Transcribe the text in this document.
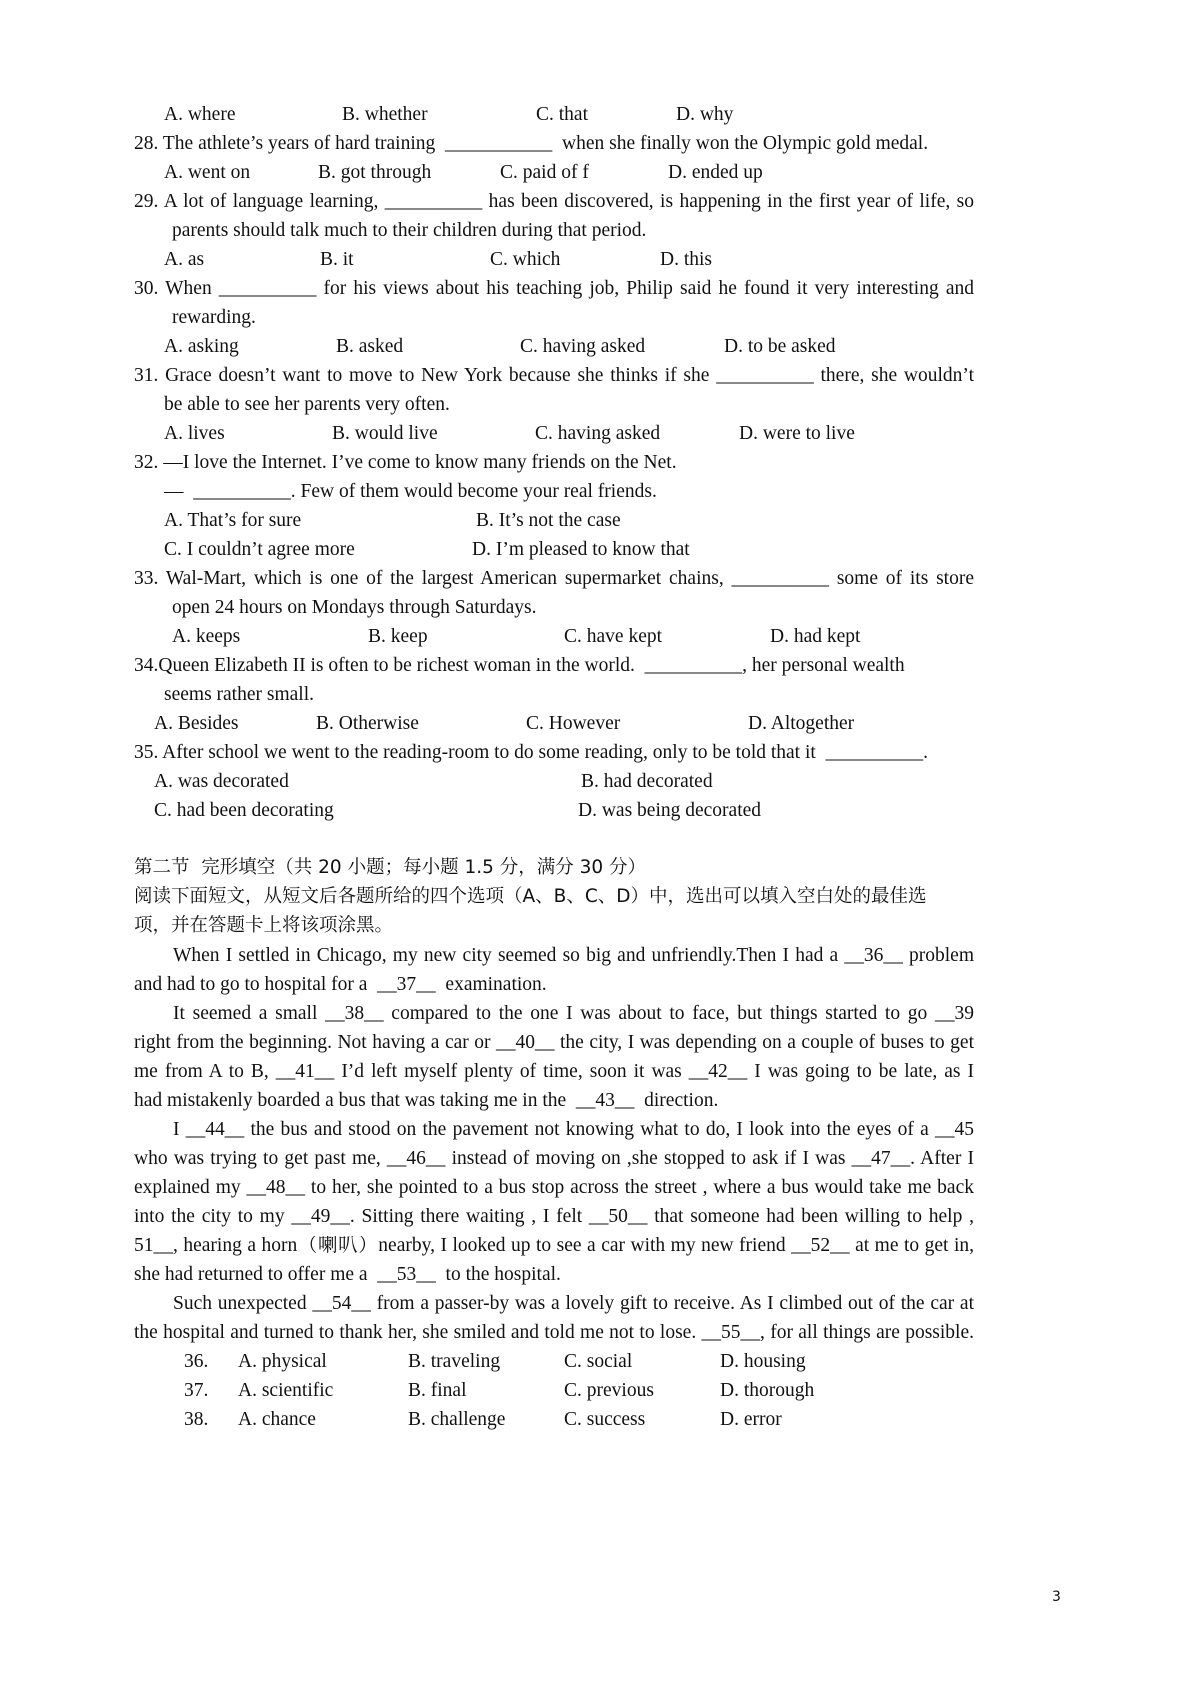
A. where	B. whether	C. that	D. why
28. The athlete’s years of hard training  ___________  when she finally won the Olympic gold medal.
A. went on	B. got through	C. paid of f	D. ended up
29. A lot of language learning, __________ has been discovered, is happening in the first year of life, so
parents should talk much to their children during that period.
A. as	B. it	C. which	D. this
30. When __________ for his views about his teaching job, Philip said he found it very interesting and
rewarding.
A. asking	B. asked	C. having asked	D. to be asked
31. Grace doesn’t want to move to New York because she thinks if she __________ there, she wouldn’t
be able to see her parents very often.
A. lives	B. would live	C. having asked	D. were to live
32. —I love the Internet. I’ve come to know many friends on the Net.
—  __________. Few of them would become your real friends.
A. That’s for sure	B. It’s not the case
C. I couldn’t agree more	D. I’m pleased to know that
33. Wal-Mart, which is one of the largest American supermarket chains, __________ some of its store
open 24 hours on Mondays through Saturdays.
A. keeps	B. keep	C. have kept	D. had kept
34.Queen Elizabeth II is often to be richest woman in the world.  __________, her personal wealth
seems rather small.
A. Besides	B. Otherwise	C. However	D. Altogether
35. After school we went to the reading-room to do some reading, only to be told that it  __________.
A. was decorated	B. had decorated
C. had been decorating	D. was being decorated
第二节  完形填空（共 20 小题；每小题 1.5 分，满分 30 分）
阅读下面短文，从短文后各题所给的四个选项（A、B、C、D）中，选出可以填入空白处的最佳选
项，并在答题卡上将该项涂黑。
When I settled in Chicago, my new city seemed so big and unfriendly.Then I had a __36__ problem
and had to go to hospital for a  __37__  examination.
It seemed a small __38__ compared to the one I was about to face, but things started to go __39
right from the beginning. Not having a car or __40__ the city, I was depending on a couple of buses to get
me from A to B, __41__ I’d left myself plenty of time, soon it was __42__ I was going to be late, as I
had mistakenly boarded a bus that was taking me in the  __43__  direction.
I __44__ the bus and stood on the pavement not knowing what to do, I look into the eyes of a __45
who was trying to get past me, __46__ instead of moving on ,she stopped to ask if I was __47__. After I
explained my __48__ to her, she pointed to a bus stop across the street , where a bus would take me back
into the city to my __49__. Sitting there waiting , I felt __50__ that someone had been willing to help ,
51__, hearing a horn（喇叭）nearby, I looked up to see a car with my new friend __52__ at me to get in,
she had returned to offer me a  __53__  to the hospital.
Such unexpected __54__ from a passer-by was a lovely gift to receive. As I climbed out of the car at
the hospital and turned to thank her, she smiled and told me not to lose. __55__, for all things are possible.
36. A. physical	B. traveling	C. social	D. housing
37. A. scientific	B. final	C. previous	D. thorough
38. A. chance	B. challenge	C. success	D. error
3
